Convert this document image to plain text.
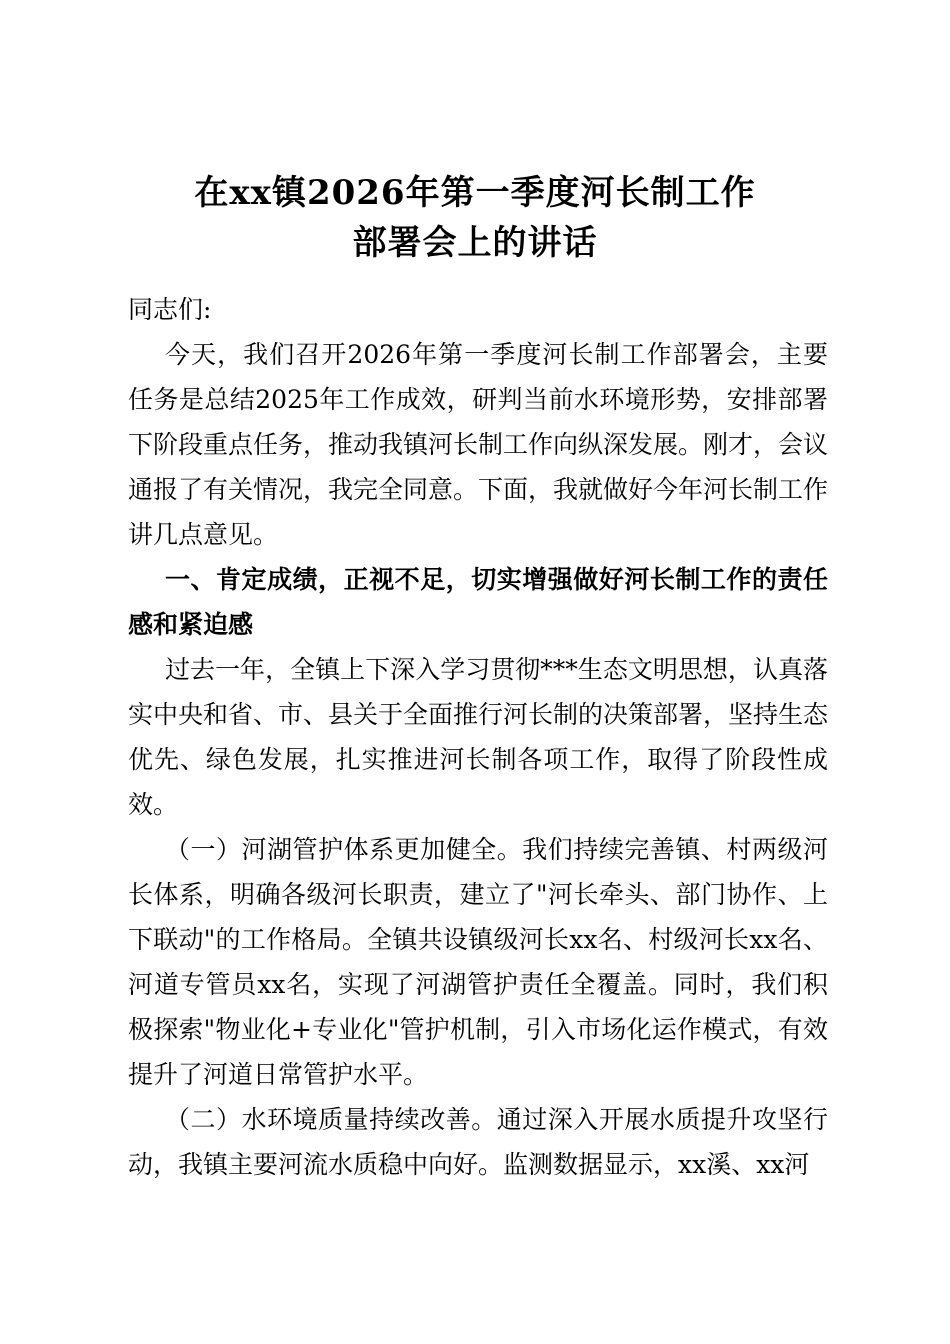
在xx镇2026年第一季度河长制工作
部署会上的讲话

同志们:

今天，我们召开2026年第一季度河长制工作部署会，主要任务是总结2025年工作成效，研判当前水环境形势，安排部署下阶段重点任务，推动我镇河长制工作向纵深发展。刚才，会议通报了有关情况，我完全同意。下面，我就做好今年河长制工作讲几点意见。

一、肯定成绩，正视不足，切实增强做好河长制工作的责任感和紧迫感

过去一年，全镇上下深入学习贯彻***生态文明思想，认真落实中央和省、市、县关于全面推行河长制的决策部署，坚持生态优先、绿色发展，扎实推进河长制各项工作，取得了阶段性成效。

（一）河湖管护体系更加健全。我们持续完善镇、村两级河长体系，明确各级河长职责，建立了"河长牵头、部门协作、上下联动"的工作格局。全镇共设镇级河长xx名、村级河长xx名、河道专管员xx名，实现了河湖管护责任全覆盖。同时，我们积极探索"物业化+专业化"管护机制，引入市场化运作模式，有效提升了河道日常管护水平。

（二）水环境质量持续改善。通过深入开展水质提升攻坚行动，我镇主要河流水质稳中向好。监测数据显示，xx溪、xx河
